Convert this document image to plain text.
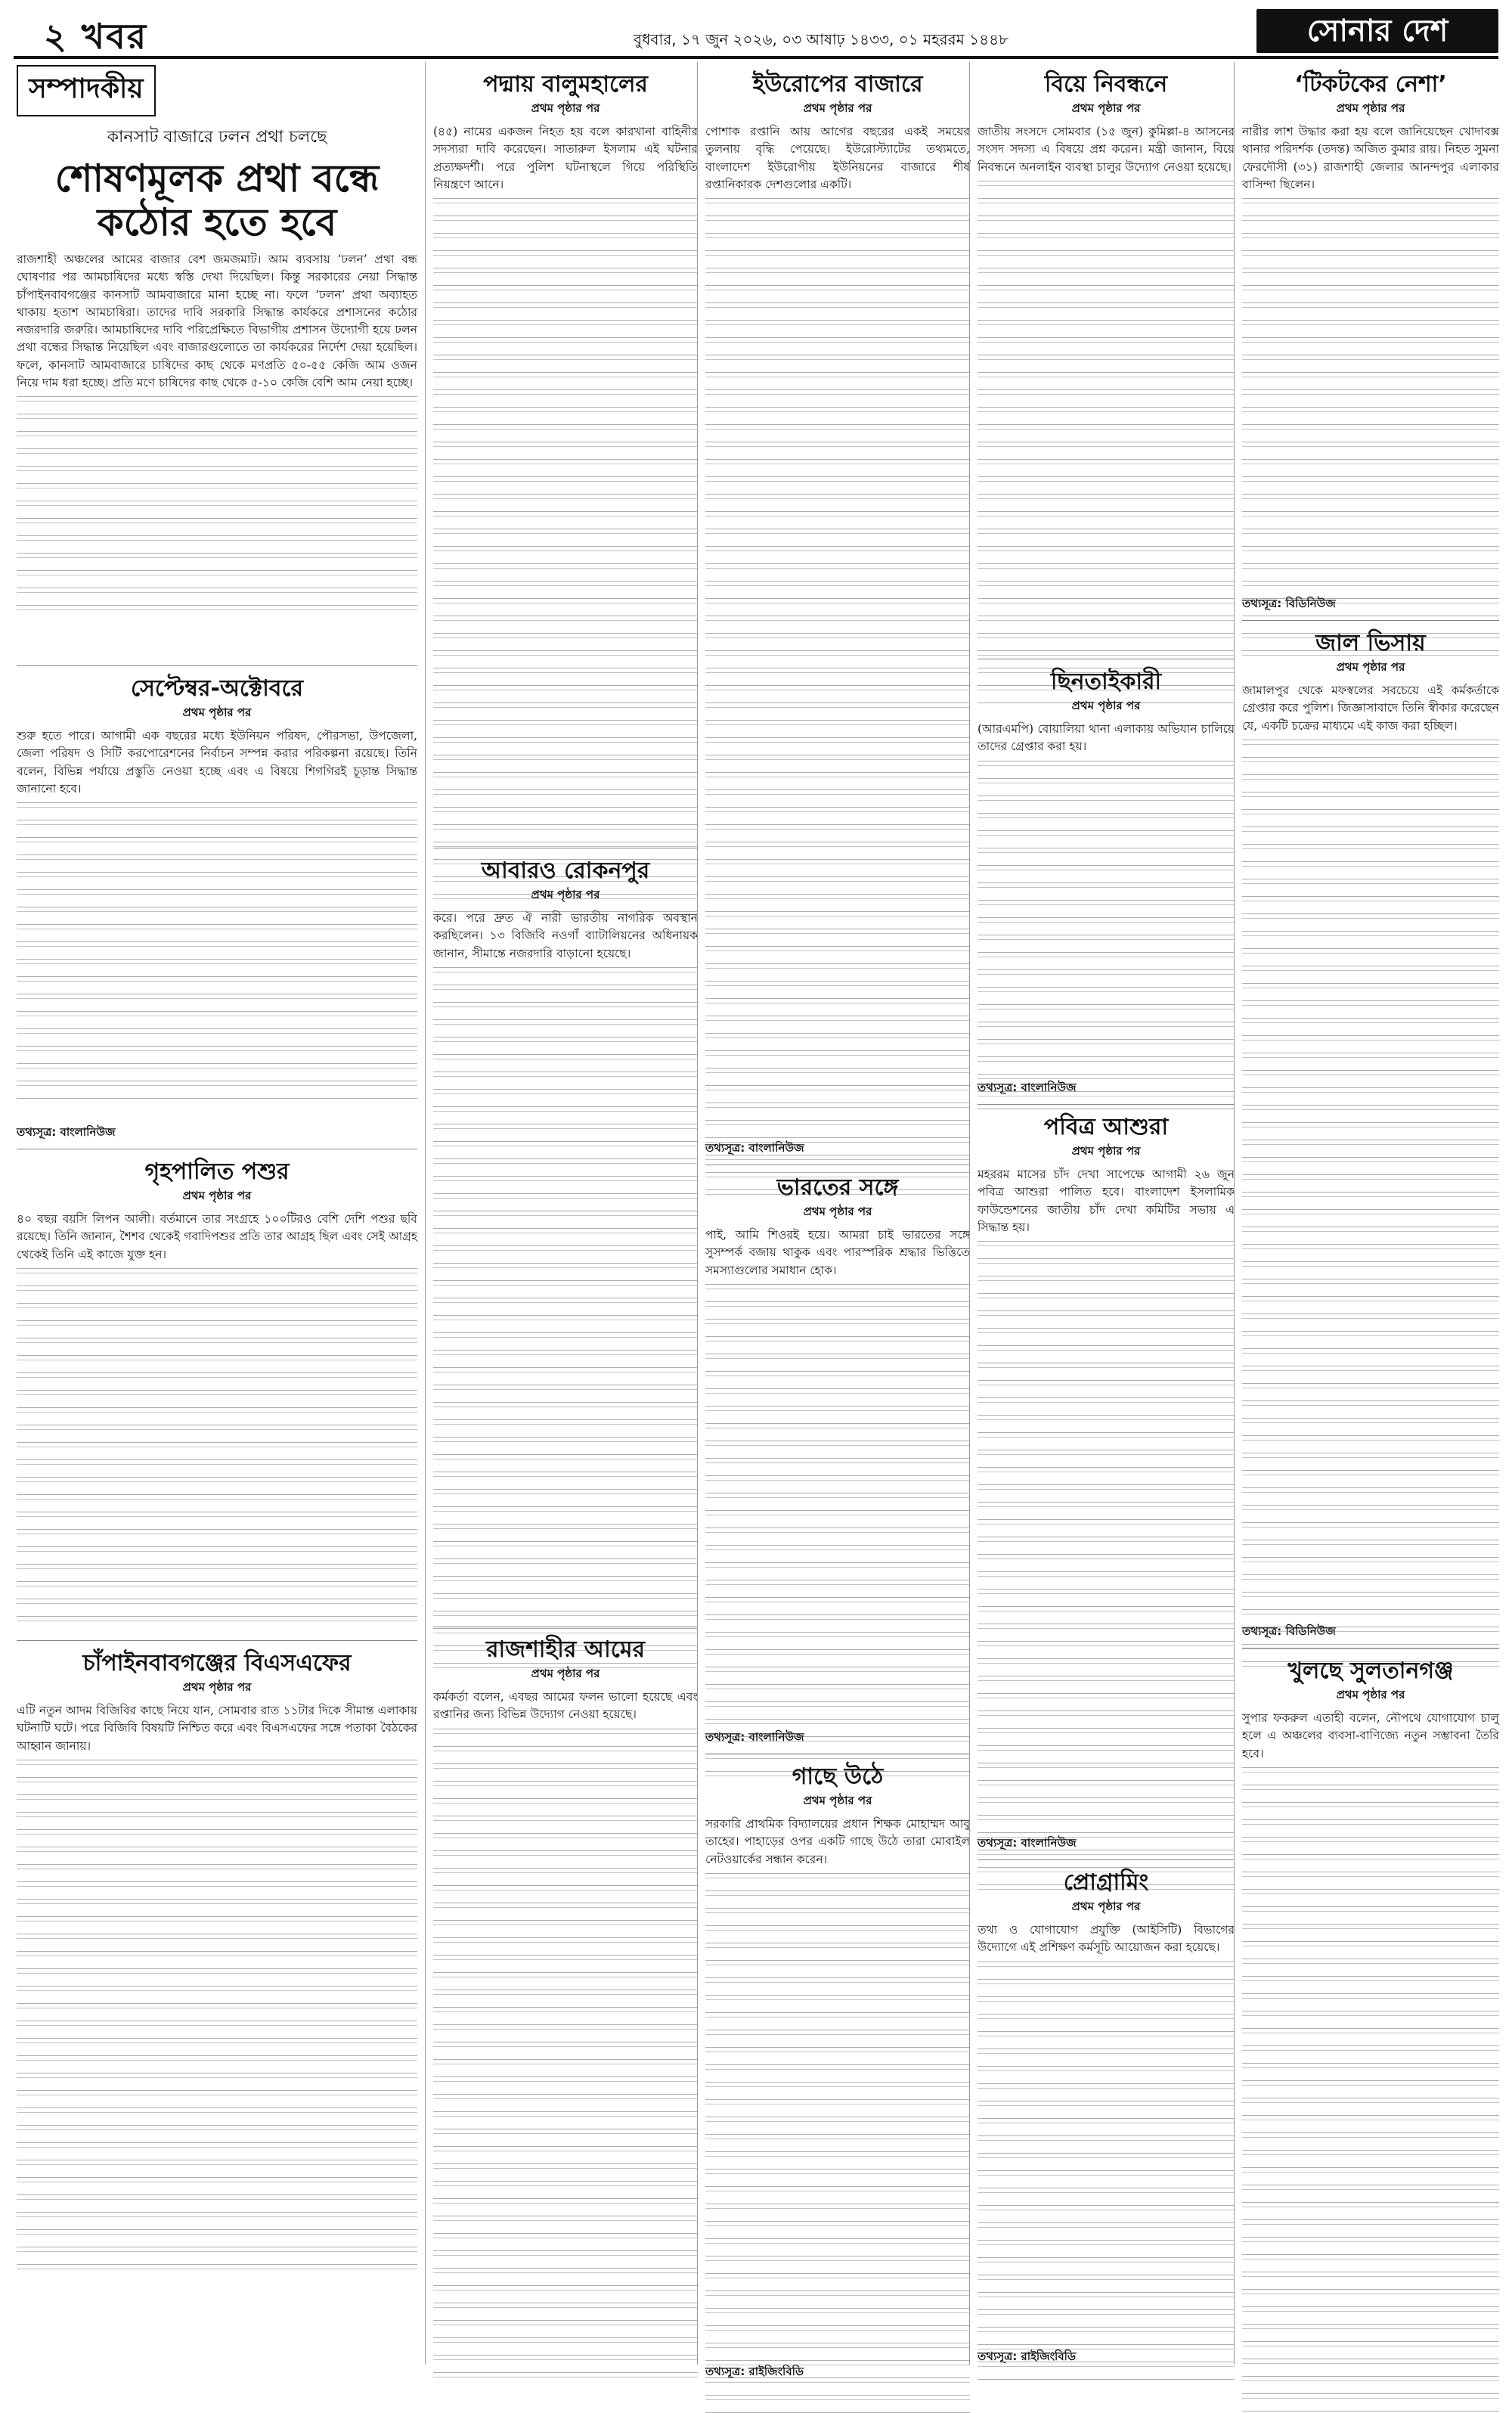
২ খবর	বুধবার, ১৭ জুন ২০২৬, ০৩ আষাঢ় ১৪৩৩, ০১ মহররম ১৪৪৮	সোনার দেশ
সম্পাদকীয়
কানসাট বাজারে ঢলন প্রথা চলছে
শোষণমূলক প্রথা বন্ধে কঠোর হতে হবে

রাজশাহী অঞ্চলের আমের বাজার বেশ জমজমাট। আম ব্যবসায় ‘ঢলন’ প্রথা বন্ধ ঘোষণার পর আমচাষিদের মধ্যে স্বস্তি দেখা দিয়েছিল। কিন্তু সরকারের নেয়া সিদ্ধান্ত চাঁপাইনবাবগঞ্জের কানসাট আমবাজারে মানা হচ্ছে না। ফলে ‘ঢলন’ প্রথা অব্যাহত থাকায় হতাশ আমচাষিরা। তাদের দাবি সরকারি সিদ্ধান্ত কার্যকরে প্রশাসনের কঠোর নজরদারি জরুরি। আমচাষিদের দাবি পরিপ্রেক্ষিতে বিভাগীয় প্রশাসন উদ্যোগী হয়ে ঢলন প্রথা বন্ধের সিদ্ধান্ত নিয়েছিল এবং বাজারগুলোতে তা কার্যকরের নির্দেশ দেয়া হয়েছিল। ফলে, কানসাট আমবাজারে চাষিদের কাছ থেকে মণপ্রতি ৫০-৫৫ কেজি আম ওজন নিয়ে দাম ধরা হচ্ছে। প্রতি মণে চাষিদের কাছ থেকে ৫-১০ কেজি বেশি আম নেয়া হচ্ছে।

সেপ্টেম্বর-অক্টোবরে
প্রথম পৃষ্ঠার পর

শুরু হতে পারে। আগামী এক বছরের মধ্যে ইউনিয়ন পরিষদ, পৌরসভা, উপজেলা, জেলা পরিষদ ও সিটি করপোরেশনের নির্বাচন সম্পন্ন করার পরিকল্পনা রয়েছে। তিনি বলেন, বিভিন্ন পর্যায়ে প্রস্তুতি নেওয়া হচ্ছে এবং এ বিষয়ে শিগগিরই চূড়ান্ত সিদ্ধান্ত জানানো হবে।

তথ্যসূত্র: বাংলানিউজ
গৃহপালিত পশুর
প্রথম পৃষ্ঠার পর

৪০ বছর বয়সি লিপন আলী। বর্তমানে তার সংগ্রহে ১০০টিরও বেশি দেশি পশুর ছবি রয়েছে। তিনি জানান, শৈশব থেকেই গবাদিপশুর প্রতি তার আগ্রহ ছিল এবং সেই আগ্রহ থেকেই তিনি এই কাজে যুক্ত হন।

চাঁপাইনবাবগঞ্জের বিএসএফের
প্রথম পৃষ্ঠার পর

এটি নতুন আদম বিজিবির কাছে নিয়ে যান, সোমবার রাত ১১টার দিকে সীমান্ত এলাকায় ঘটনাটি ঘটে। পরে বিজিবি বিষয়টি নিশ্চিত করে এবং বিএসএফের সঙ্গে পতাকা বৈঠকের আহ্বান জানায়।

পদ্মায় বালুমহালের
প্রথম পৃষ্ঠার পর

(৪৫) নামের একজন নিহত হয় বলে কারখানা বাহিনীর সদস্যরা দাবি করেছেন। সাতারুল ইসলাম এই ঘটনার প্রত্যক্ষদর্শী। পরে পুলিশ ঘটনাস্থলে গিয়ে পরিস্থিতি নিয়ন্ত্রণে আনে।

আবারও রোকনপুর
প্রথম পৃষ্ঠার পর

করে। পরে দ্রুত ঐ নারী ভারতীয় নাগরিক অবস্থান করছিলেন। ১৩ বিজিবি নওগাঁ ব্যাটালিয়নের অধিনায়ক জানান, সীমান্তে নজরদারি বাড়ানো হয়েছে।

রাজশাহীর আমের
প্রথম পৃষ্ঠার পর

কর্মকর্তা বলেন, এবছর আমের ফলন ভালো হয়েছে এবং রপ্তানির জন্য বিভিন্ন উদ্যোগ নেওয়া হয়েছে।

ইউরোপের বাজারে
প্রথম পৃষ্ঠার পর

পোশাক রপ্তানি আয় আগের বছরের একই সময়ের তুলনায় বৃদ্ধি পেয়েছে। ইউরোস্ট্যাটের তথ্যমতে, বাংলাদেশ ইউরোপীয় ইউনিয়নের বাজারে শীর্ষ রপ্তানিকারক দেশগুলোর একটি।

তথ্যসূত্র: বাংলানিউজ
ভারতের সঙ্গে
প্রথম পৃষ্ঠার পর

পাই, আমি শিওরই হয়ে। আমরা চাই ভারতের সঙ্গে সুসম্পর্ক বজায় থাকুক এবং পারস্পরিক শ্রদ্ধার ভিত্তিতে সমস্যাগুলোর সমাধান হোক।

তথ্যসূত্র: বাংলানিউজ
গাছে উঠে
প্রথম পৃষ্ঠার পর

সরকারি প্রাথমিক বিদ্যালয়ের প্রধান শিক্ষক মোহাম্মদ আবু তাহের। পাহাড়ের ওপর একটি গাছে উঠে তারা মোবাইল নেটওয়ার্কের সন্ধান করেন।

তথ্যসূত্র: রাইজিংবিডি
বিয়ে নিবন্ধনে
প্রথম পৃষ্ঠার পর

জাতীয় সংসদে সোমবার (১৫ জুন) কুমিল্লা-৪ আসনের সংসদ সদস্য এ বিষয়ে প্রশ্ন করেন। মন্ত্রী জানান, বিয়ে নিবন্ধনে অনলাইন ব্যবস্থা চালুর উদ্যোগ নেওয়া হয়েছে।

ছিনতাইকারী
প্রথম পৃষ্ঠার পর

(আরএমপি) বোয়ালিয়া থানা এলাকায় অভিযান চালিয়ে তাদের গ্রেপ্তার করা হয়।

তথ্যসূত্র: বাংলানিউজ
পবিত্র আশুরা
প্রথম পৃষ্ঠার পর

মহররম মাসের চাঁদ দেখা সাপেক্ষে আগামী ২৬ জুন পবিত্র আশুরা পালিত হবে। বাংলাদেশ ইসলামিক ফাউন্ডেশনের জাতীয় চাঁদ দেখা কমিটির সভায় এ সিদ্ধান্ত হয়।

তথ্যসূত্র: বাংলানিউজ
প্রোগ্রামিং
প্রথম পৃষ্ঠার পর

তথ্য ও যোগাযোগ প্রযুক্তি (আইসিটি) বিভাগের উদ্যোগে এই প্রশিক্ষণ কর্মসূচি আয়োজন করা হয়েছে।

তথ্যসূত্র: রাইজিংবিডি
‘টিকটকের নেশা’
প্রথম পৃষ্ঠার পর

নারীর লাশ উদ্ধার করা হয় বলে জানিয়েছেন খোদাবক্স থানার পরিদর্শক (তদন্ত) অজিত কুমার রায়। নিহত সুমনা ফেরদৌসী (৩১) রাজশাহী জেলার আনন্দপুর এলাকার বাসিন্দা ছিলেন।

তথ্যসূত্র: বিডিনিউজ
জাল ভিসায়
প্রথম পৃষ্ঠার পর

জামালপুর থেকে মফস্বলের সবচেয়ে এই কর্মকর্তাকে গ্রেপ্তার করে পুলিশ। জিজ্ঞাসাবাদে তিনি স্বীকার করেছেন যে, একটি চক্রের মাধ্যমে এই কাজ করা হচ্ছিল।

তথ্যসূত্র: বিডিনিউজ
খুলছে সুলতানগঞ্জ
প্রথম পৃষ্ঠার পর

সুপার ফকরুল এতাহী বলেন, নৌপথে যোগাযোগ চালু হলে এ অঞ্চলের ব্যবসা-বাণিজ্যে নতুন সম্ভাবনা তৈরি হবে।
